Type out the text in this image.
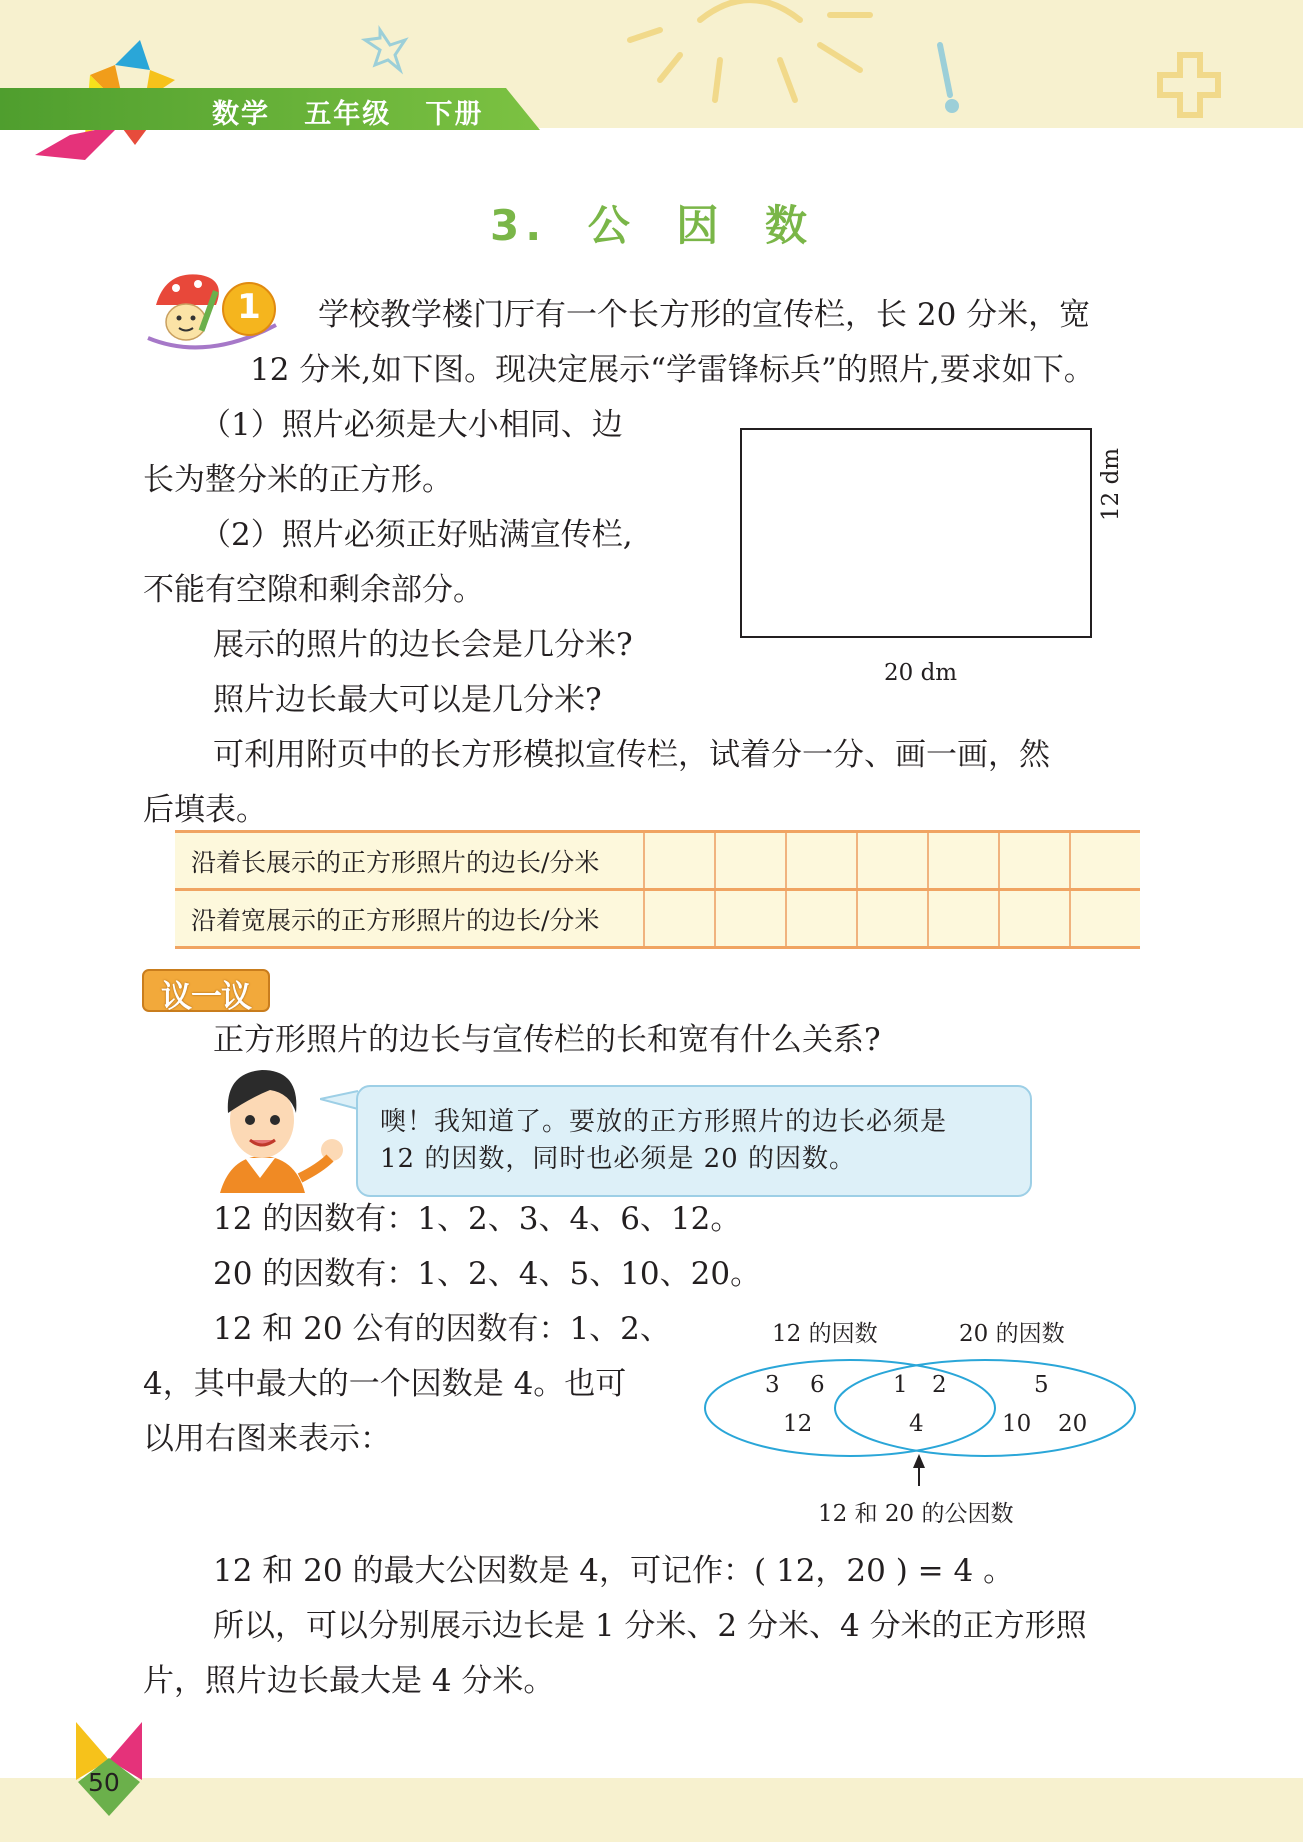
数学 五年级 下册
3. 公 因 数
1	学校教学楼门厅有一个长方形的宣传栏，长 20 分米，宽
12 分米,如下图。现决定展示“学雷锋标兵”的照片,要求如下。
（1）照片必须是大小相同、边
长为整分米的正方形。
（2）照片必须正好贴满宣传栏,
不能有空隙和剩余部分。
展示的照片的边长会是几分米?
照片边长最大可以是几分米?
可利用附页中的长方形模拟宣传栏，试着分一分、画一画，然
后填表。
20 dm
12 dm
沿着长展示的正方形照片的边长/分米							
沿着宽展示的正方形照片的边长/分米							
议一议
正方形照片的边长与宣传栏的长和宽有什么关系?
噢！我知道了。要放的正方形照片的边长必须是
12 的因数，同时也必须是 20 的因数。
12 的因数有：1、2、3、4、6、12。
20 的因数有：1、2、4、5、10、20。
12 和 20 公有的因数有：1、2、
4，其中最大的一个因数是 4。也可
以用右图来表示：
12 的因数	20 的因数
3 6
12
1 2
4
5
10 20
12 和 20 的公因数
12 和 20 的最大公因数是 4，可记作：( 12，20 ) = 4 。
所以，可以分别展示边长是 1 分米、2 分米、4 分米的正方形照
片，照片边长最大是 4 分米。
50
